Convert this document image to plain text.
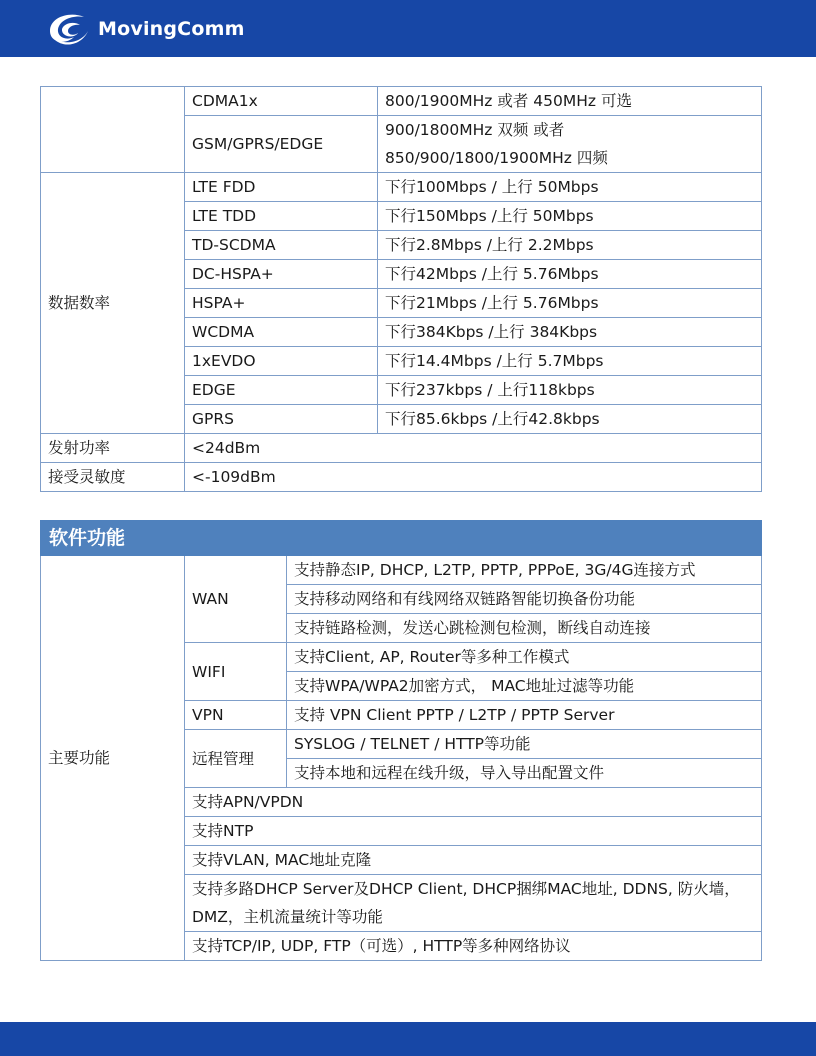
MovingComm
	CDMA1x	800/1900MHz 或者 450MHz 可选
	GSM/GPRS/EDGE	900/1800MHz 双频 或者
850/900/1800/1900MHz 四频

数据数率	LTE FDD	下行100Mbps / 上行 50Mbps
	LTE TDD	下行150Mbps /上行 50Mbps
	TD-SCDMA	下行2.8Mbps /上行 2.2Mbps
	DC-HSPA+	下行42Mbps /上行 5.76Mbps
	HSPA+	下行21Mbps /上行 5.76Mbps
	WCDMA	下行384Kbps /上行 384Kbps
	1xEVDO	下行14.4Mbps /上行 5.7Mbps
	EDGE	下行237kbps / 上行118kbps
	GPRS	下行85.6kbps /上行42.8kbps
发射功率	<24dBm	
接受灵敏度	<-109dBm	
软件功能		
主要功能	WAN	支持静态IP, DHCP, L2TP, PPTP, PPPoE, 3G/4G连接方式
		支持移动网络和有线网络双链路智能切换备份功能
		支持链路检测，发送心跳检测包检测，断线自动连接
	WIFI	支持Client, AP, Router等多种工作模式
		支持WPA/WPA2加密方式， MAC地址过滤等功能
	VPN	支持 VPN Client PPTP / L2TP / PPTP Server
	远程管理	SYSLOG / TELNET / HTTP等功能
		支持本地和远程在线升级，导入导出配置文件
	支持APN/VPDN	
	支持NTP	
	支持VLAN, MAC地址克隆	

	支持多路DHCP Server及DHCP Client, DHCP捆绑MAC地址, DDNS, 防火墙，
DMZ，主机流量统计等功能	

	支持TCP/IP, UDP, FTP（可选）, HTTP等多种网络协议	
